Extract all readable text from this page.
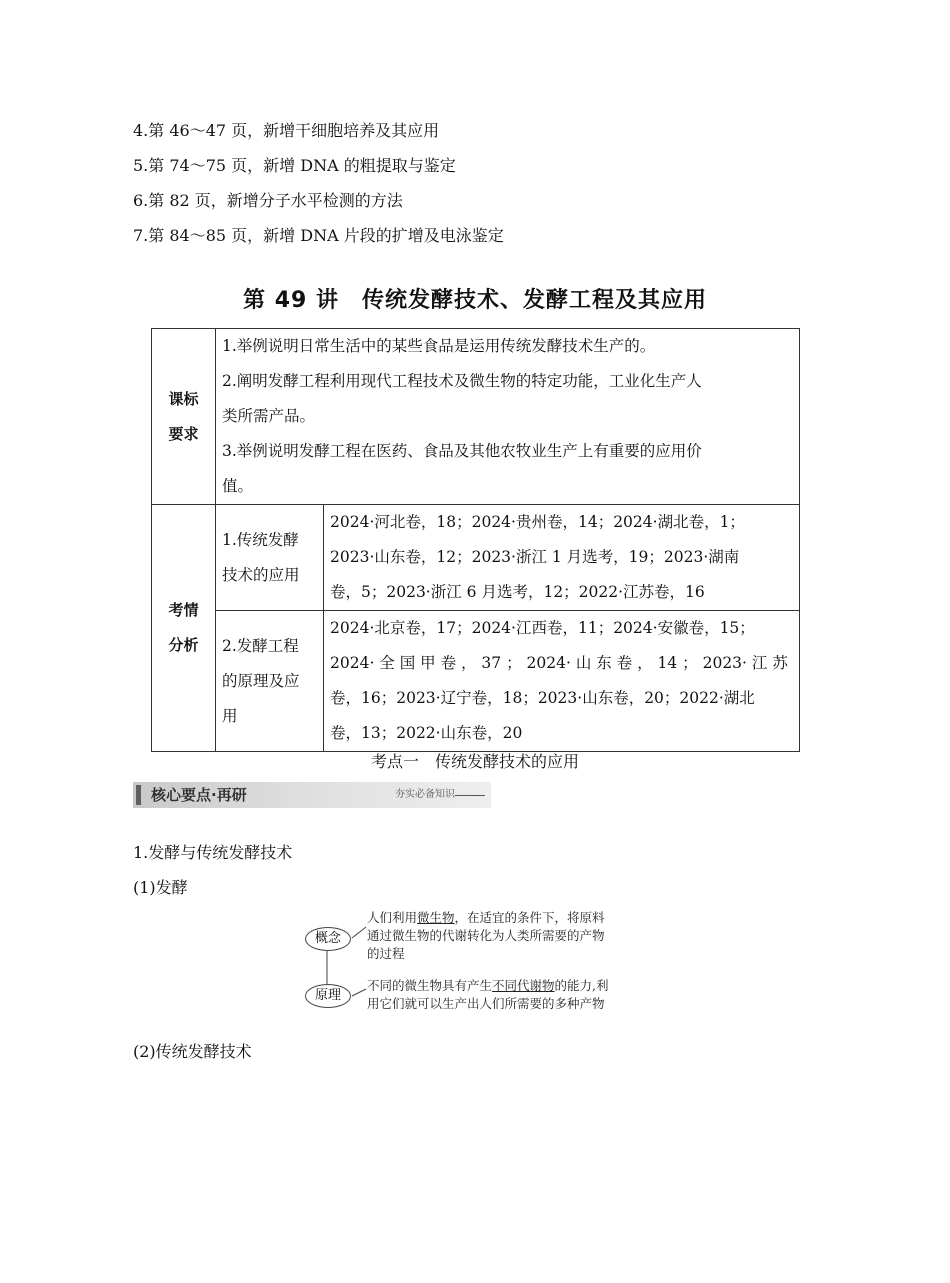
4.第 46～47 页，新增干细胞培养及其应用
5.第 74～75 页，新增 DNA 的粗提取与鉴定
6.第 82 页，新增分子水平检测的方法
7.第 84～85 页，新增 DNA 片段的扩增及电泳鉴定
第 49 讲　传统发酵技术、发酵工程及其应用
课标
要求	1.举例说明日常生活中的某些食品是运用传统发酵技术生产的。
2.阐明发酵工程利用现代工程技术及微生物的特定功能，工业化生产人
类所需产品。
3.举例说明发酵工程在医药、食品及其他农牧业生产上有重要的应用价
值。	

考情
分析	1.传统发酵
技术的应用	2024·河北卷，18；2024·贵州卷，14；2024·湖北卷，1；
2023·山东卷，12；2023·浙江 1 月选考，19；2023·湖南
卷，5；2023·浙江 6 月选考，12；2022·江苏卷，16

	2.发酵工程
的原理及应
用	2024·北京卷，17；2024·江西卷，11；2024·安徽卷，15；
2024· 全 国 甲 卷 ， 37 ； 2024· 山 东 卷 ， 14 ； 2023· 江 苏
卷，16；2023·辽宁卷，18；2023·山东卷，20；2022·湖北
卷，13；2022·山东卷，20
考点一　传统发酵技术的应用
核心要点·再研	夯实必备知识
1.发酵与传统发酵技术
(1)发酵
概念
原理
人们利用微生物，在适宜的条件下，将原料
通过微生物的代谢转化为人类所需要的产物
的过程
不同的微生物具有产生不同代谢物的能力,利
用它们就可以生产出人们所需要的多种产物
(2)传统发酵技术
